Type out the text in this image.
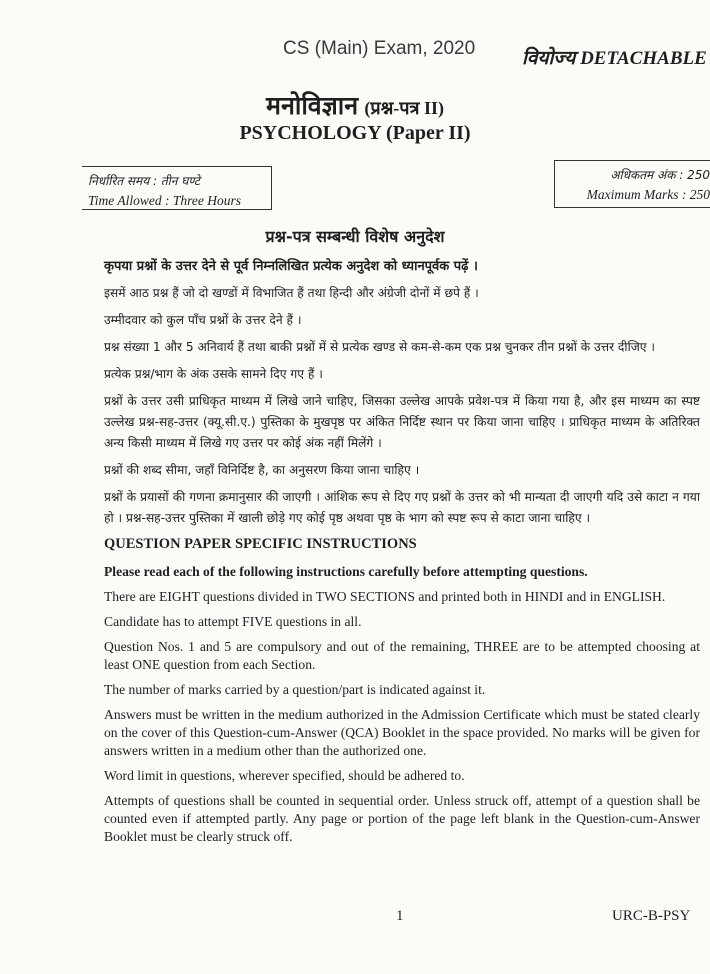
CS (Main) Exam, 2020 वियोज्य DETACHABLE
मनोविज्ञान (प्रश्न-पत्र II)
PSYCHOLOGY (Paper II)
निर्धारित समय : तीन घण्टे
Time Allowed : Three Hours
अधिकतम अंक : 250
Maximum Marks : 250
प्रश्न-पत्र सम्बन्धी विशेष अनुदेश

कृपया प्रश्नों के उत्तर देने से पूर्व निम्नलिखित प्रत्येक अनुदेश को ध्यानपूर्वक पढ़ें ।

इसमें आठ प्रश्न हैं जो दो खण्डों में विभाजित हैं तथा हिन्दी और अंग्रेजी दोनों में छपे हैं ।

उम्मीदवार को कुल पाँच प्रश्नों के उत्तर देने हैं ।

प्रश्न संख्या 1 और 5 अनिवार्य हैं तथा बाकी प्रश्नों में से प्रत्येक खण्ड से कम-से-कम एक प्रश्न चुनकर तीन प्रश्नों के उत्तर दीजिए ।

प्रत्येक प्रश्न/भाग के अंक उसके सामने दिए गए हैं ।

प्रश्नों के उत्तर उसी प्राधिकृत माध्यम में लिखे जाने चाहिए, जिसका उल्लेख आपके प्रवेश-पत्र में किया गया है, और इस माध्यम का स्पष्ट उल्लेख प्रश्न-सह-उत्तर (क्यू.सी.ए.) पुस्तिका के मुखपृष्ठ पर अंकित निर्दिष्ट स्थान पर किया जाना चाहिए । प्राधिकृत माध्यम के अतिरिक्त अन्य किसी माध्यम में लिखे गए उत्तर पर कोई अंक नहीं मिलेंगे ।

प्रश्नों की शब्द सीमा, जहाँ विनिर्दिष्ट है, का अनुसरण किया जाना चाहिए ।

प्रश्नों के प्रयासों की गणना क्रमानुसार की जाएगी । आंशिक रूप से दिए गए प्रश्नों के उत्तर को भी मान्यता दी जाएगी यदि उसे काटा न गया हो । प्रश्न-सह-उत्तर पुस्तिका में खाली छोड़े गए कोई पृष्ठ अथवा पृष्ठ के भाग को स्पष्ट रूप से काटा जाना चाहिए ।

QUESTION PAPER SPECIFIC INSTRUCTIONS

Please read each of the following instructions carefully before attempting questions.

There are EIGHT questions divided in TWO SECTIONS and printed both in HINDI and in ENGLISH.

Candidate has to attempt FIVE questions in all.

Question Nos. 1 and 5 are compulsory and out of the remaining, THREE are to be attempted choosing at least ONE question from each Section.

The number of marks carried by a question/part is indicated against it.

Answers must be written in the medium authorized in the Admission Certificate which must be stated clearly on the cover of this Question-cum-Answer (QCA) Booklet in the space provided. No marks will be given for answers written in a medium other than the authorized one.

Word limit in questions, wherever specified, should be adhered to.

Attempts of questions shall be counted in sequential order. Unless struck off, attempt of a question shall be counted even if attempted partly. Any page or portion of the page left blank in the Question-cum-Answer Booklet must be clearly struck off.

1	URC-B-PSY
